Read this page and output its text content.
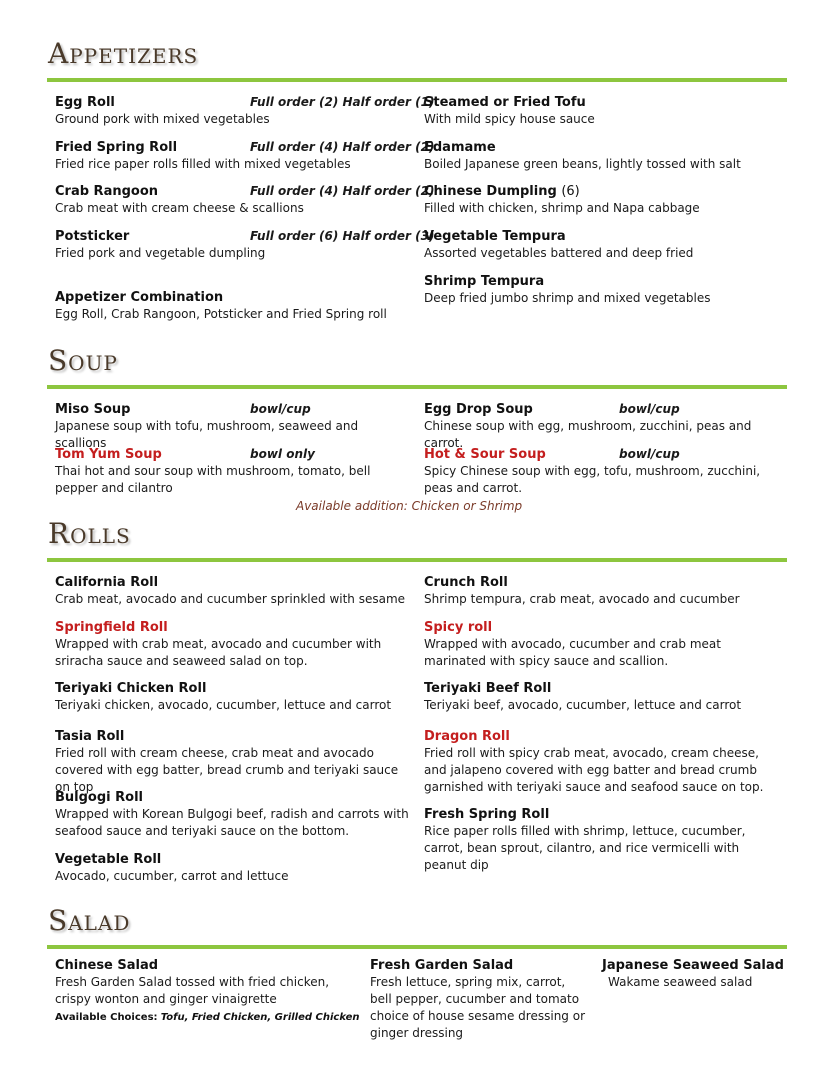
Appetizers
Egg Roll
Ground pork with mixed vegetables
Full order (2) Half order (1)
Fried Spring Roll
Fried rice paper rolls filled with mixed vegetables
Full order (4) Half order (2)
Crab Rangoon
Crab meat with cream cheese & scallions
Full order (4) Half order (2)
Potsticker
Fried pork and vegetable dumpling
Full order (6) Half order (3)
Appetizer Combination
Egg Roll, Crab Rangoon, Potsticker and Fried Spring roll
Steamed or Fried Tofu
With mild spicy house sauce
Edamame
Boiled Japanese green beans, lightly tossed with salt
Chinese Dumpling (6)
Filled with chicken, shrimp and Napa cabbage
Vegetable Tempura
Assorted vegetables battered and deep fried
Shrimp Tempura
Deep fried jumbo shrimp and mixed vegetables
Soup
Miso Soup
Japanese soup with tofu, mushroom, seaweed and scallions
bowl/cup
Tom Yum Soup
Thai hot and sour soup with mushroom, tomato, bell pepper and cilantro
bowl only
Egg Drop Soup
Chinese soup with egg, mushroom, zucchini, peas and carrot.
bowl/cup
Hot & Sour Soup
Spicy Chinese soup with egg, tofu, mushroom, zucchini, peas and carrot.
bowl/cup
Available addition: Chicken or Shrimp
Rolls
California Roll
Crab meat, avocado and cucumber sprinkled with sesame
Springfield Roll
Wrapped with crab meat, avocado and cucumber with sriracha sauce and seaweed salad on top.
Teriyaki Chicken Roll
Teriyaki chicken, avocado, cucumber, lettuce and carrot
Tasia Roll
Fried roll with cream cheese, crab meat and avocado covered with egg batter, bread crumb and teriyaki sauce on top
Bulgogi Roll
Wrapped with Korean Bulgogi beef, radish and carrots with seafood sauce and teriyaki sauce on the bottom.
Vegetable Roll
Avocado, cucumber, carrot and lettuce
Crunch Roll
Shrimp tempura, crab meat, avocado and cucumber
Spicy roll
Wrapped with avocado, cucumber and crab meat marinated with spicy sauce and scallion.
Teriyaki Beef Roll
Teriyaki beef, avocado, cucumber, lettuce and carrot
Dragon Roll
Fried roll with spicy crab meat, avocado, cream cheese, and jalapeno covered with egg batter and bread crumb garnished with teriyaki sauce and seafood sauce on top.
Fresh Spring Roll
Rice paper rolls filled with shrimp, lettuce, cucumber, carrot, bean sprout, cilantro, and rice vermicelli with peanut dip
Salad
Chinese Salad
Fresh Garden Salad tossed with fried chicken, crispy wonton and ginger vinaigrette
Available Choices: Tofu, Fried Chicken, Grilled Chicken
Fresh Garden Salad
Fresh lettuce, spring mix, carrot, bell pepper, cucumber and tomato choice of house sesame dressing or ginger dressing
Japanese Seaweed Salad
Wakame seaweed salad
